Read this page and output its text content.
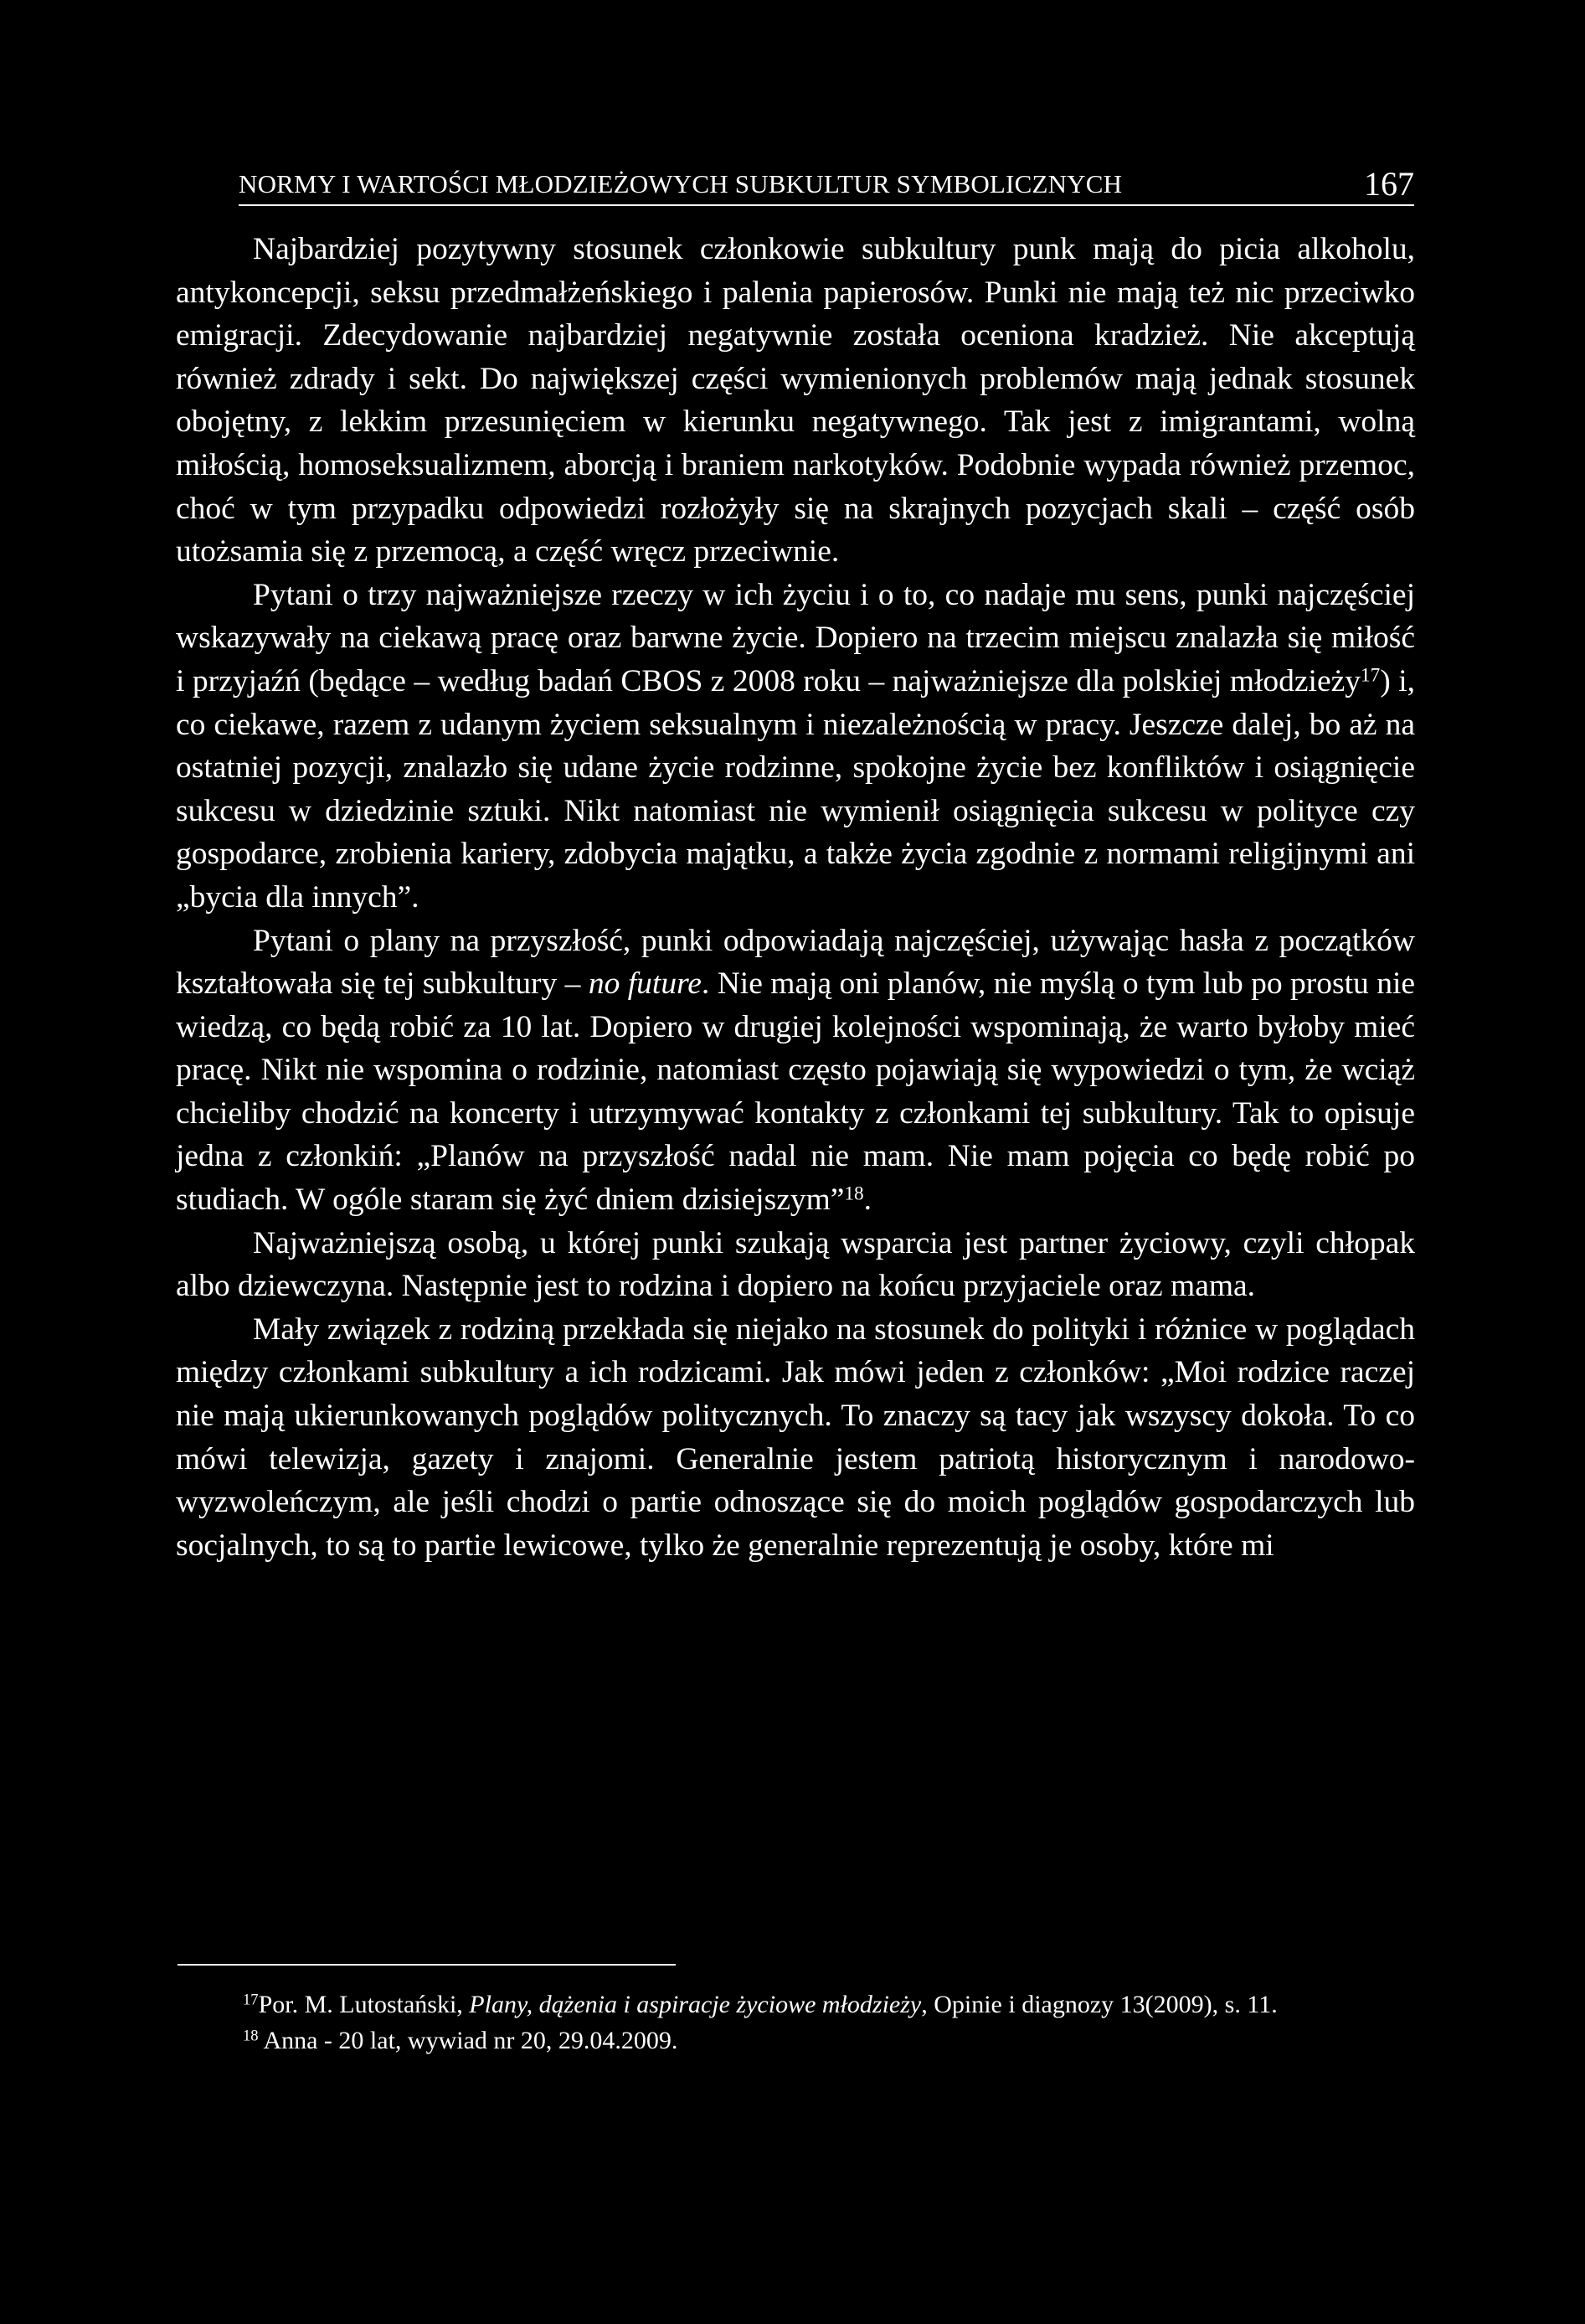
NORMY I WARTOŚCI MŁODZIEŻOWYCH SUBKULTUR SYMBOLICZNYCH	167

Najbardziej pozytywny stosunek członkowie subkultury punk mają do picia alkoholu, antykoncepcji, seksu przedmałżeńskiego i palenia papierosów. Punki nie mają też nic przeciwko emigracji. Zdecydowanie najbardziej negatywnie została oceniona kradzież. Nie akceptują również zdrady i sekt. Do największej części wymienionych problemów mają jednak stosunek obojętny, z lekkim przesunięciem w kierunku negatywnego. Tak jest z imigrantami, wolną miłością, homoseksualizmem, aborcją i braniem narkotyków. Podobnie wypada również przemoc, choć w tym przypadku odpowiedzi rozłożyły się na skrajnych pozycjach skali – część osób utożsamia się z przemocą, a część wręcz przeciwnie.

Pytani o trzy najważniejsze rzeczy w ich życiu i o to, co nadaje mu sens, punki najczęściej wskazywały na ciekawą pracę oraz barwne życie. Dopiero na trzecim miejscu znalazła się miłość i przyjaźń (będące – według badań CBOS z 2008 roku – najważniejsze dla polskiej młodzieży$^{17}$) i, co ciekawe, razem z udanym życiem seksualnym i niezależnością w pracy. Jeszcze dalej, bo aż na ostatniej pozycji, znalazło się udane życie rodzinne, spokojne życie bez konfliktów i osiągnięcie sukcesu w dziedzinie sztuki. Nikt natomiast nie wymienił osiągnięcia sukcesu w polityce czy gospodarce, zrobienia kariery, zdobycia majątku, a także życia zgodnie z normami religijnymi ani „bycia dla innych”.

Pytani o plany na przyszłość, punki odpowiadają najczęściej, używając hasła z początków kształtowała się tej subkultury – no future. Nie mają oni planów, nie myślą o tym lub po prostu nie wiedzą, co będą robić za 10 lat. Dopiero w drugiej kolejności wspominają, że warto byłoby mieć pracę. Nikt nie wspomina o rodzinie, natomiast często pojawiają się wypowiedzi o tym, że wciąż chcieliby chodzić na koncerty i utrzymywać kontakty z członkami tej subkultury. Tak to opisuje jedna z członkiń: „Planów na przyszłość nadal nie mam. Nie mam pojęcia co będę robić po studiach. W ogóle staram się żyć dniem dzisiejszym”$^{18}$.

Najważniejszą osobą, u której punki szukają wsparcia jest partner życiowy, czyli chłopak albo dziewczyna. Następnie jest to rodzina i dopiero na końcu przyjaciele oraz mama.

Mały związek z rodziną przekłada się niejako na stosunek do polityki i różnice w poglądach między członkami subkultury a ich rodzicami. Jak mówi jeden z członków: „Moi rodzice raczej nie mają ukierunkowanych poglądów politycznych. To znaczy są tacy jak wszyscy dokoła. To co mówi telewizja, gazety i znajomi. Generalnie jestem patriotą historycznym i narodowo-wyzwoleńczym, ale jeśli chodzi o partie odnoszące się do moich poglądów gospodarczych lub socjalnych, to są to partie lewicowe, tylko że generalnie reprezentują je osoby, które mi

$^{17}$Por. M. Lutostański, Plany, dążenia i aspiracje życiowe młodzieży, Opinie i diagnozy 13(2009), s. 11.

$^{18}$ Anna - 20 lat, wywiad nr 20, 29.04.2009.
